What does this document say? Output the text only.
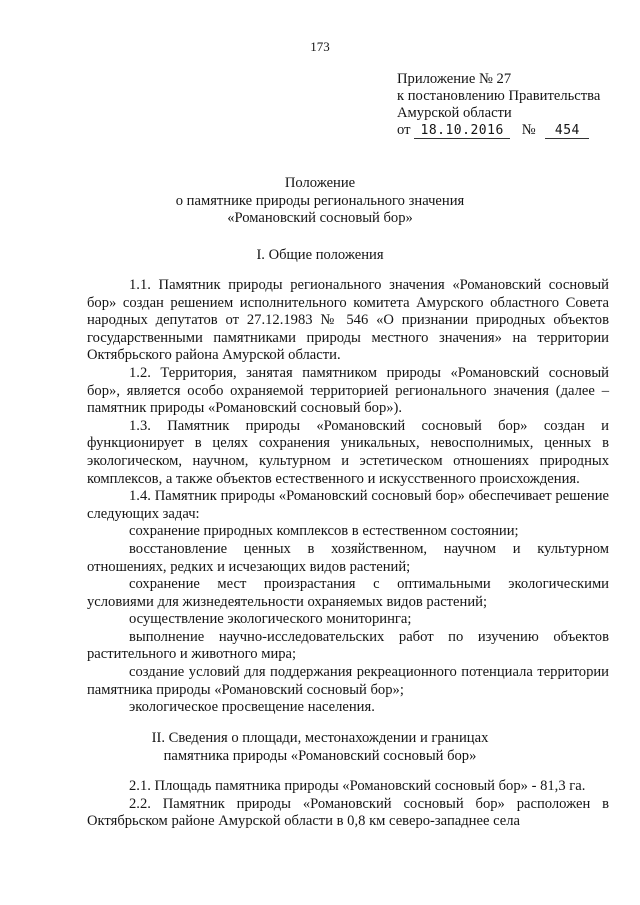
173
Приложение № 27
к постановлению Правительства
Амурской области
от 18.10.2016 № 454
Положение
о памятнике природы регионального значения
«Романовский сосновый бор»
I. Общие положения

1.1. Памятник природы регионального значения «Романовский сосновый бор» создан решением исполнительного комитета Амурского областного Совета народных депутатов от 27.12.1983 № 546 «О признании природных объектов государственными памятниками природы местного значения» на территории Октябрьского района Амурской области.

1.2. Территория, занятая памятником природы «Романовский сосновый бор», является особо охраняемой территорией регионального значения (далее – памятник природы «Романовский сосновый бор»).

1.3. Памятник природы «Романовский сосновый бор» создан и функционирует в целях сохранения уникальных, невосполнимых, ценных в экологическом, научном, культурном и эстетическом отношениях природных комплексов, а также объектов естественного и искусственного происхождения.

1.4. Памятник природы «Романовский сосновый бор» обеспечивает решение следующих задач:

сохранение природных комплексов в естественном состоянии;

восстановление ценных в хозяйственном, научном и культурном отношениях, редких и исчезающих видов растений;

сохранение мест произрастания с оптимальными экологическими условиями для жизнедеятельности охраняемых видов растений;

осуществление экологического мониторинга;

выполнение научно-исследовательских работ по изучению объектов растительного и животного мира;

создание условий для поддержания рекреационного потенциала территории памятника природы «Романовский сосновый бор»;

экологическое просвещение населения.

II. Сведения о площади, местонахождении и границах
памятника природы «Романовский сосновый бор»

2.1. Площадь памятника природы «Романовский сосновый бор» - 81,3 га.

2.2. Памятник природы «Романовский сосновый бор» расположен в Октябрьском районе Амурской области в 0,8 км северо-западнее села
